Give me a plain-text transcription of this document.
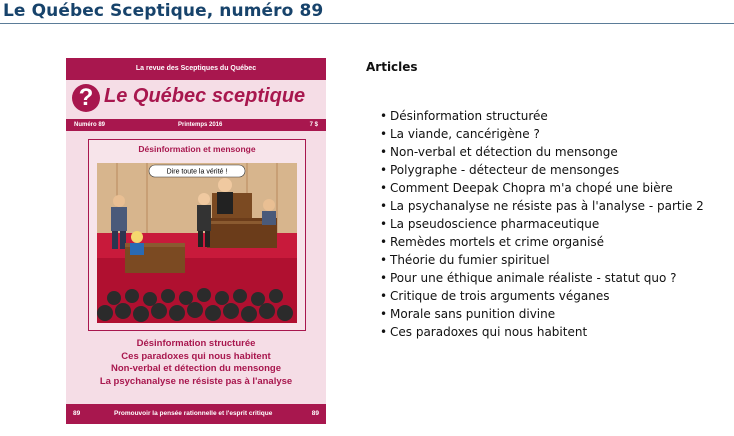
Le Québec Sceptique, numéro 89
La revue des Sceptiques du Québec
? Le Québec sceptique
Numéro 89	Printemps 2016	7 $
Désinformation et mensonge
Dire toute la vérité !
Désinformation structurée
Ces paradoxes qui nous habitent
Non-verbal et détection du mensonge
La psychanalyse ne résiste pas à l'analyse
89	Promouvoir la pensée rationnelle et l'esprit critique	89
Articles
• Désinformation structurée
• La viande, cancérigène ?
• Non-verbal et détection du mensonge
• Polygraphe - détecteur de mensonges
• Comment Deepak Chopra m'a chopé une bière
• La psychanalyse ne résiste pas à l'analyse - partie 2
• La pseudoscience pharmaceutique
• Remèdes mortels et crime organisé
• Théorie du fumier spirituel
• Pour une éthique animale réaliste - statut quo ?
• Critique de trois arguments véganes
• Morale sans punition divine
• Ces paradoxes qui nous habitent
